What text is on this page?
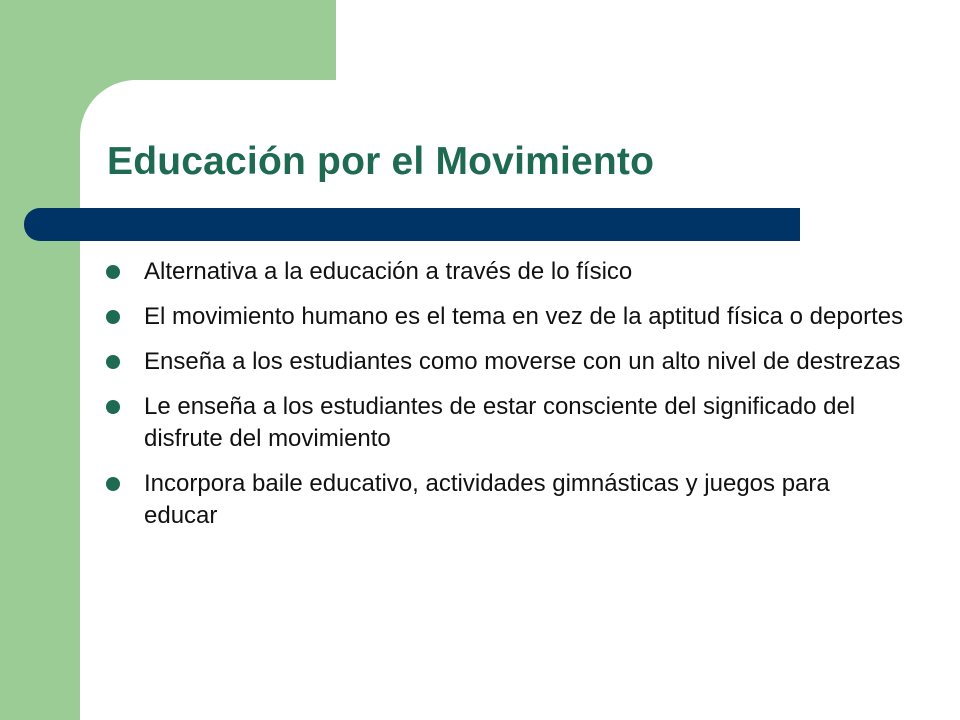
Educación por el Movimiento
Alternativa a la educación a través de lo físico
El movimiento humano es el tema en vez de la aptitud física o deportes
Enseña a los estudiantes como moverse con un alto nivel de destrezas
Le enseña a los estudiantes de estar consciente del significado del disfrute del movimiento
Incorpora baile educativo, actividades gimnásticas y juegos para educar
